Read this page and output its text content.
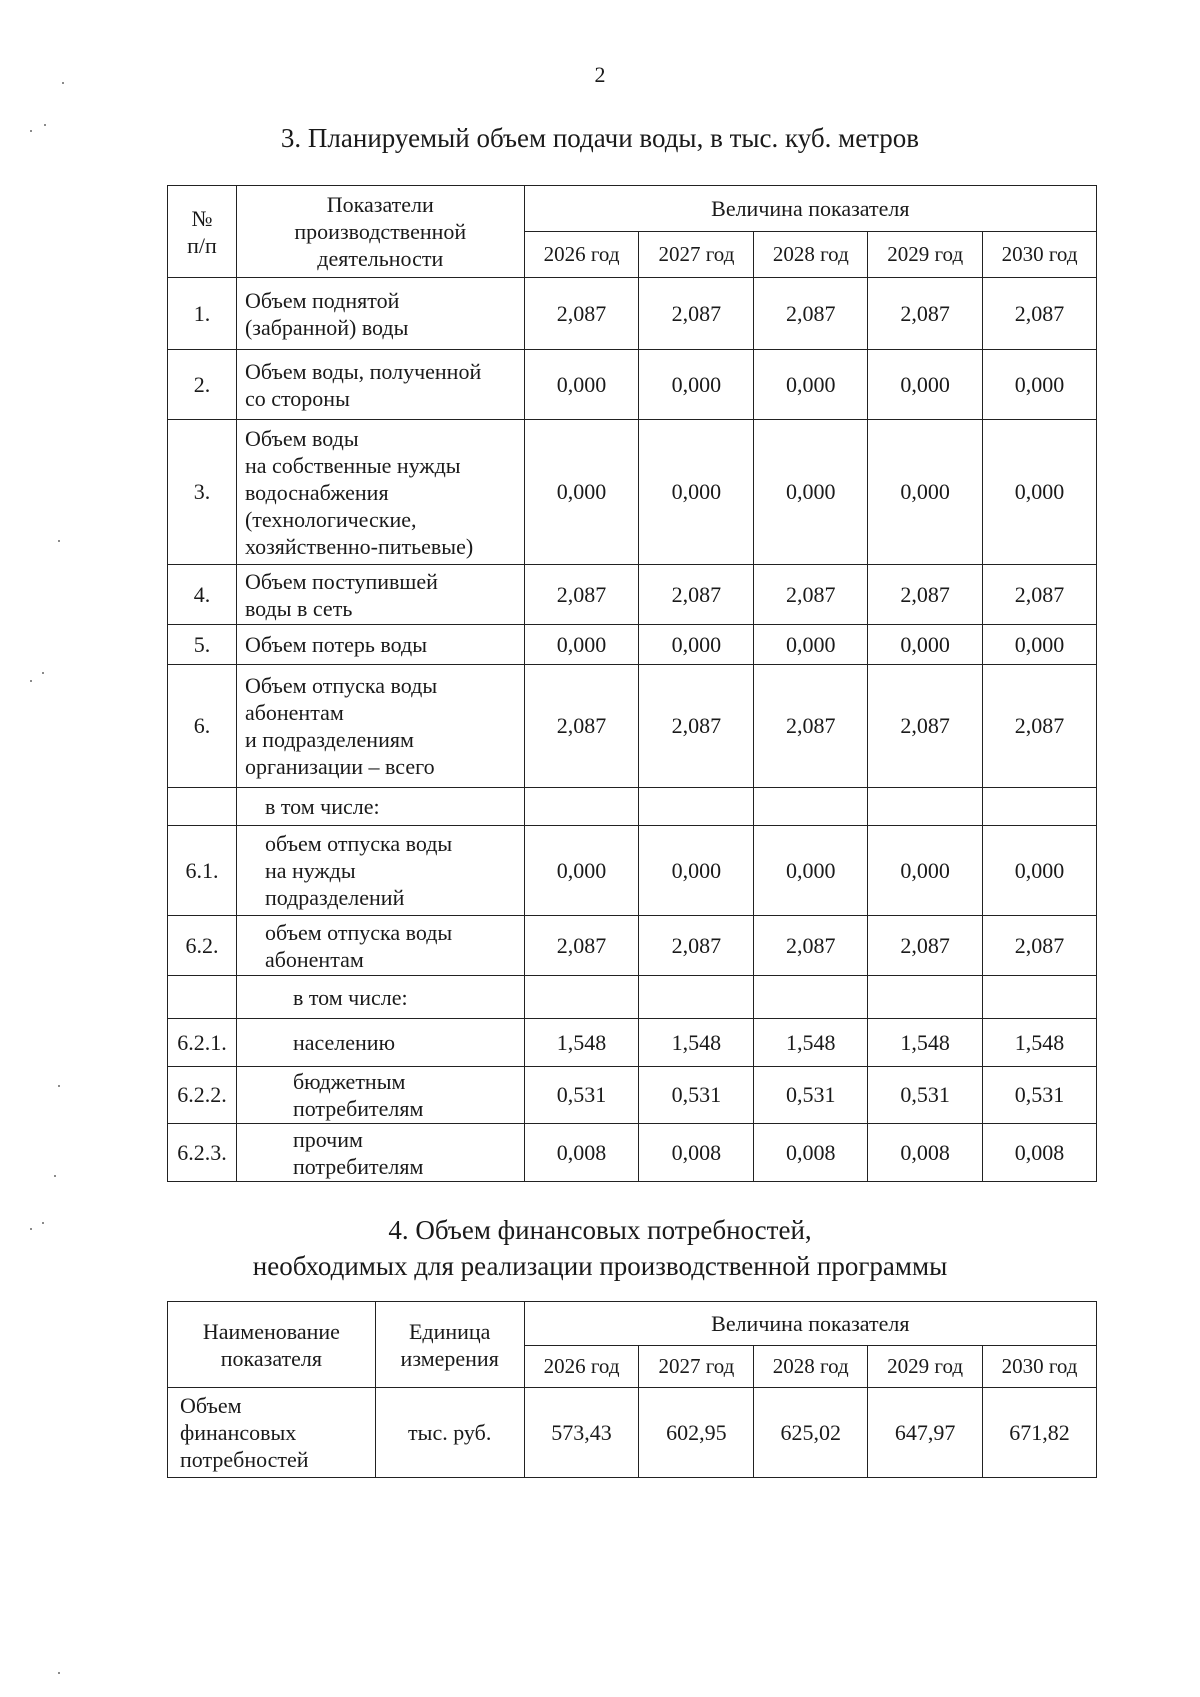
2
3. Планируемый объем подачи воды, в тыс. куб. метров
№
п/п	Показатели
производственной
деятельности	Величина показателя				
		2026 год	2027 год	2028 год	2029 год	2030 год
1.	Объем поднятой
(забранной) воды	2,087	2,087	2,087	2,087	2,087
2.	Объем воды, полученной
со стороны	0,000	0,000	0,000	0,000	0,000
3.	Объем воды
на собственные нужды
водоснабжения
(технологические,
хозяйственно-питьевые)	0,000	0,000	0,000	0,000	0,000
4.	Объем поступившей
воды в сеть	2,087	2,087	2,087	2,087	2,087
5.	Объем потерь воды	0,000	0,000	0,000	0,000	0,000
6.	Объем отпуска воды
абонентам
и подразделениям
организации – всего	2,087	2,087	2,087	2,087	2,087
	в том числе:					
6.1.	объем отпуска воды
на нужды
подразделений	0,000	0,000	0,000	0,000	0,000
6.2.	объем отпуска воды
абонентам	2,087	2,087	2,087	2,087	2,087
	в том числе:					
6.2.1.	населению	1,548	1,548	1,548	1,548	1,548
6.2.2.	бюджетным
потребителям	0,531	0,531	0,531	0,531	0,531
6.2.3.	прочим
потребителям	0,008	0,008	0,008	0,008	0,008
4. Объем финансовых потребностей,
необходимых для реализации производственной программы
Наименование
показателя	Единица
измерения	Величина показателя				
		2026 год	2027 год	2028 год	2029 год	2030 год
Объем
финансовых
потребностей	тыс. руб.	573,43	602,95	625,02	647,97	671,82
